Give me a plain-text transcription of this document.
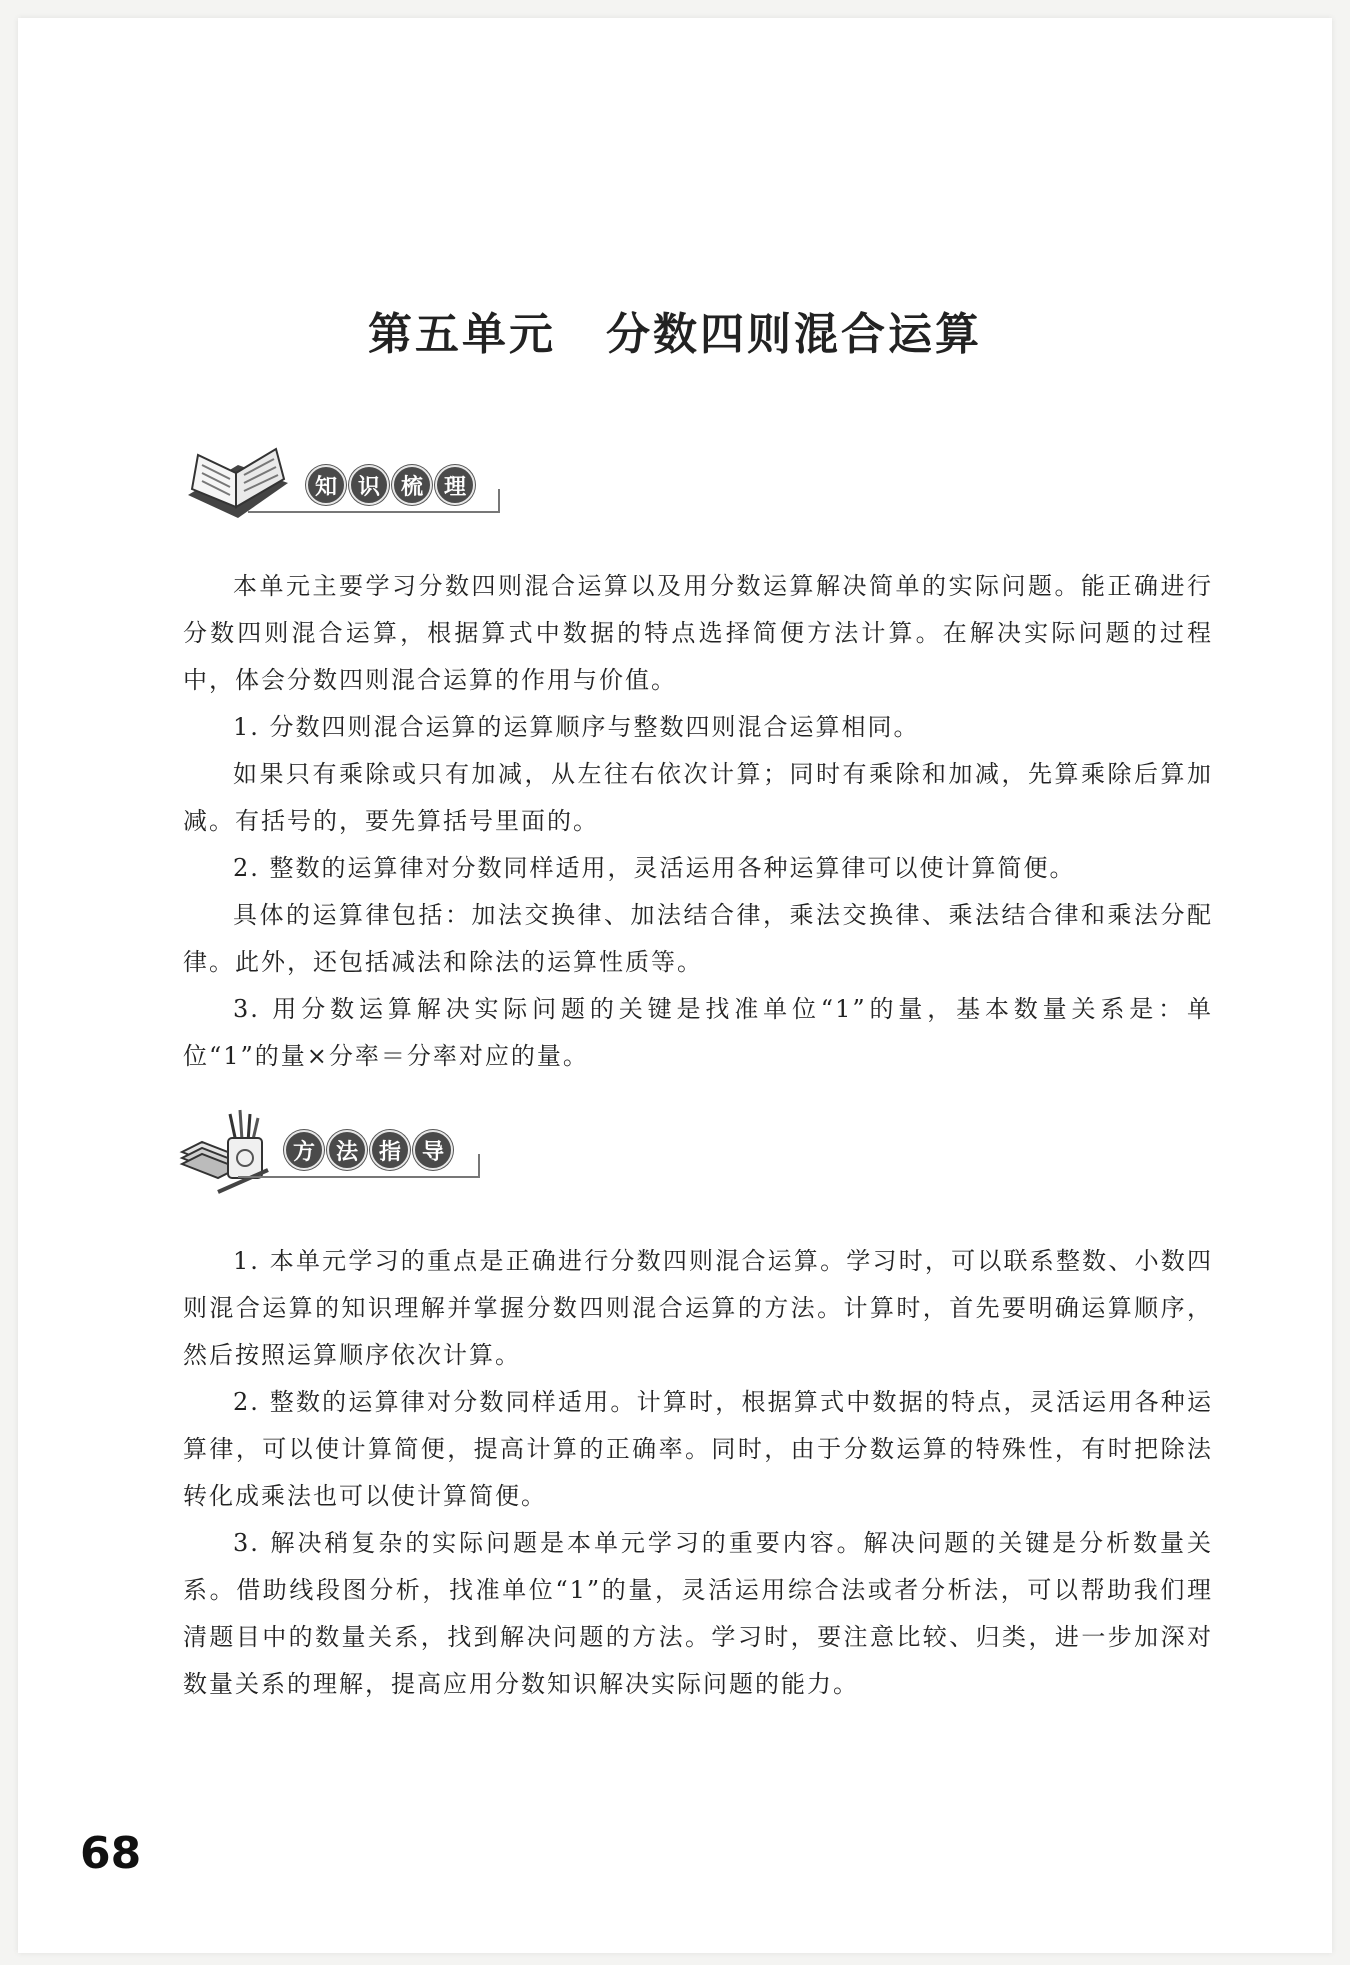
第五单元 分数四则混合运算
知 识 梳 理

本单元主要学习分数四则混合运算以及用分数运算解决简单的实际问题。能正确进行分数四则混合运算，根据算式中数据的特点选择简便方法计算。在解决实际问题的过程中，体会分数四则混合运算的作用与价值。

1. 分数四则混合运算的运算顺序与整数四则混合运算相同。

如果只有乘除或只有加减，从左往右依次计算；同时有乘除和加减，先算乘除后算加减。有括号的，要先算括号里面的。

2. 整数的运算律对分数同样适用，灵活运用各种运算律可以使计算简便。

具体的运算律包括：加法交换律、加法结合律，乘法交换律、乘法结合律和乘法分配律。此外，还包括减法和除法的运算性质等。

3. 用分数运算解决实际问题的关键是找准单位“1”的量，基本数量关系是：单位“1”的量×分率＝分率对应的量。

方 法 指 导

1. 本单元学习的重点是正确进行分数四则混合运算。学习时，可以联系整数、小数四则混合运算的知识理解并掌握分数四则混合运算的方法。计算时，首先要明确运算顺序，然后按照运算顺序依次计算。

2. 整数的运算律对分数同样适用。计算时，根据算式中数据的特点，灵活运用各种运算律，可以使计算简便，提高计算的正确率。同时，由于分数运算的特殊性，有时把除法转化成乘法也可以使计算简便。

3. 解决稍复杂的实际问题是本单元学习的重要内容。解决问题的关键是分析数量关系。借助线段图分析，找准单位“1”的量，灵活运用综合法或者分析法，可以帮助我们理清题目中的数量关系，找到解决问题的方法。学习时，要注意比较、归类，进一步加深对数量关系的理解，提高应用分数知识解决实际问题的能力。

68
